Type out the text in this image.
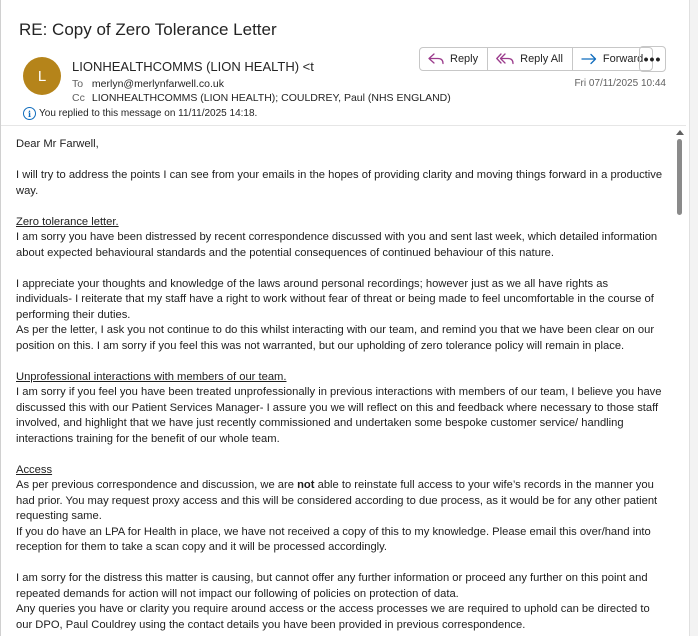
RE: Copy of Zero Tolerance Letter
L
LIONHEALTHCOMMS (LION HEALTH) <t
To merlyn@merlynfarwell.co.uk
Cc LIONHEALTHCOMMS (LION HEALTH); COULDREY, Paul (NHS ENGLAND)
i You replied to this message on 11/11/2025 14:18.
Reply	Reply All	Forward •••
Fri 07/11/2025 10:44

Dear Mr Farwell,

I will try to address the points I can see from your emails in the hopes of providing clarity and moving things forward in a productive way.

Zero tolerance letter.

I am sorry you have been distressed by recent correspondence discussed with you and sent last week, which detailed information about expected behavioural standards and the potential consequences of continued behaviour of this nature.

I appreciate your thoughts and knowledge of the laws around personal recordings; however just as we all have rights as individuals- I reiterate that my staff have a right to work without fear of threat or being made to feel uncomfortable in the course of performing their duties.

As per the letter, I ask you not continue to do this whilst interacting with our team, and remind you that we have been clear on our position on this. I am sorry if you feel this was not warranted, but our upholding of zero tolerance policy will remain in place.

Unprofessional interactions with members of our team.

I am sorry if you feel you have been treated unprofessionally in previous interactions with members of our team, I believe you have discussed this with our Patient Services Manager- I assure you we will reflect on this and feedback where necessary to those staff involved, and highlight that we have just recently commissioned and undertaken some bespoke customer service/ handling interactions training for the benefit of our whole team.

Access

As per previous correspondence and discussion, we are not able to reinstate full access to your wife’s records in the manner you had prior. You may request proxy access and this will be considered according to due process, as it would be for any other patient requesting same.

If you do have an LPA for Health in place, we have not received a copy of this to my knowledge. Please email this over/hand into reception for them to take a scan copy and it will be processed accordingly.

I am sorry for the distress this matter is causing, but cannot offer any further information or proceed any further on this point and repeated demands for action will not impact our following of policies on protection of data.

Any queries you have or clarity you require around access or the access processes we are required to uphold can be directed to our DPO, Paul Couldrey using the contact details you have been provided in previous correspondence.
